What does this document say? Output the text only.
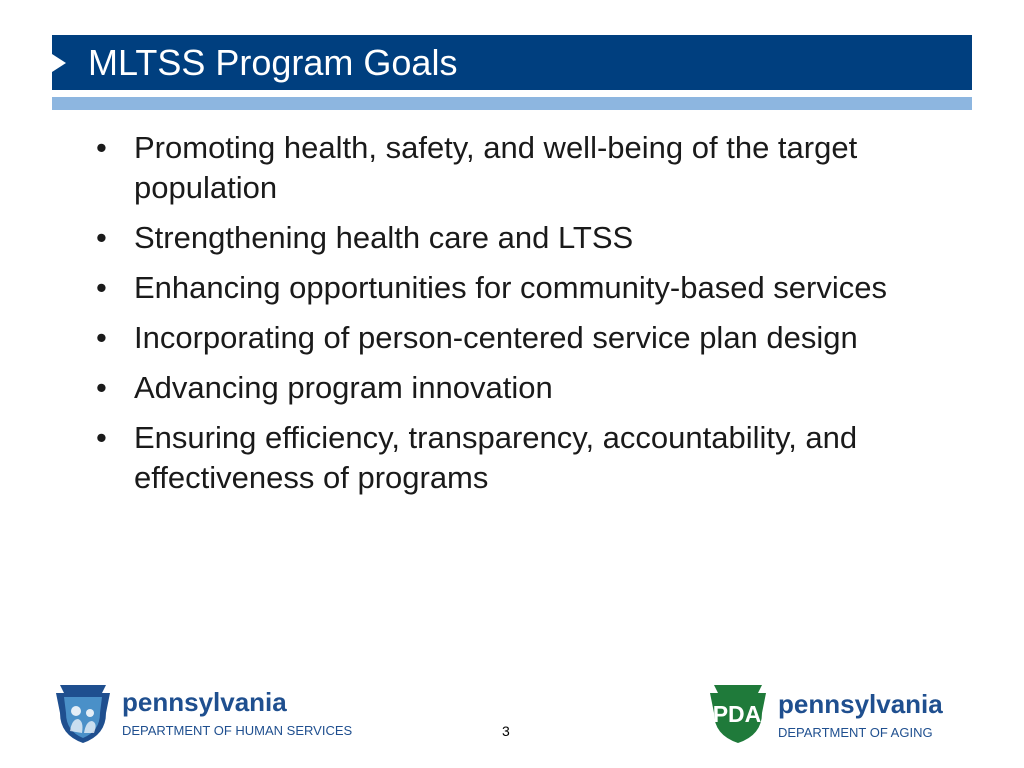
MLTSS Program Goals
• Promoting health, safety, and well-being of the target population
• Strengthening health care and LTSS
• Enhancing opportunities for community-based services
• Incorporating of person-centered service plan design
• Advancing program innovation
• Ensuring efficiency, transparency, accountability, and effectiveness of programs
pennsylvania
DEPARTMENT OF HUMAN SERVICES	3
PDA pennsylvania
DEPARTMENT OF AGING
